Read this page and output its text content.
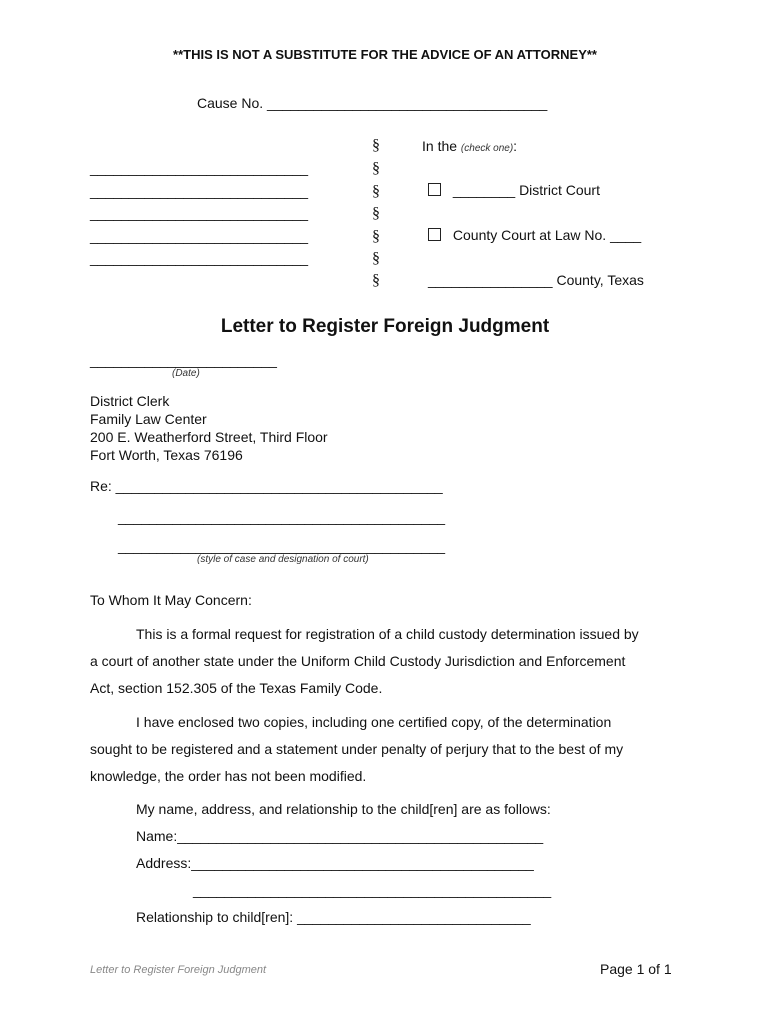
**THIS IS NOT A SUBSTITUTE FOR THE ADVICE OF AN ATTORNEY**
Cause No. ____________________________________
____________________________
____________________________
____________________________
____________________________
____________________________
§
§
§
§
§
§
§
In the (check one):
________ District Court
County Court at Law No. ____
________________ County, Texas
Letter to Register Foreign Judgment
________________________
(Date)
District Clerk
Family Law Center
200 E. Weatherford Street, Third Floor
Fort Worth, Texas 76196
Re: __________________________________________
__________________________________________
__________________________________________
(style of case and designation of court)
To Whom It May Concern:
This is a formal request for registration of a child custody determination issued by
a court of another state under the Uniform Child Custody Jurisdiction and Enforcement
Act, section 152.305 of the Texas Family Code.
I have enclosed two copies, including one certified copy, of the determination
sought to be registered and a statement under penalty of perjury that to the best of my
knowledge, the order has not been modified.
My name, address, and relationship to the child[ren] are as follows:
Name:_______________________________________________
Address:____________________________________________
______________________________________________
Relationship to child[ren]: ______________________________
Letter to Register Foreign Judgment	Page 1 of 1
